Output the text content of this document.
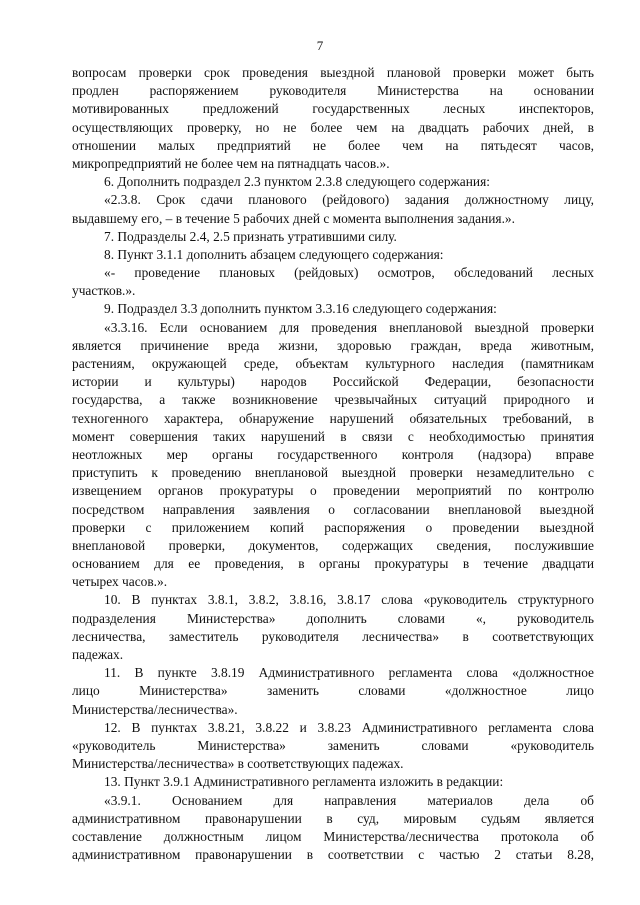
7
вопросам проверки срок проведения выездной плановой проверки может быть
продлен распоряжением руководителя Министерства на основании
мотивированных предложений государственных лесных инспекторов,
осуществляющих проверку, но не более чем на двадцать рабочих дней, в
отношении малых предприятий не более чем на пятьдесят часов,
микропредприятий не более чем на пятнадцать часов.».
6. Дополнить подраздел 2.3 пунктом 2.3.8 следующего содержания:
«2.3.8. Срок сдачи планового (рейдового) задания должностному лицу,
выдавшему его, – в течение 5 рабочих дней с момента выполнения задания.».
7. Подразделы 2.4, 2.5 признать утратившими силу.
8. Пункт 3.1.1 дополнить абзацем следующего содержания:
«- проведение плановых (рейдовых) осмотров, обследований лесных
участков.».
9. Подраздел 3.3 дополнить пунктом 3.3.16 следующего содержания:
«3.3.16. Если основанием для проведения внеплановой выездной проверки
является причинение вреда жизни, здоровью граждан, вреда животным,
растениям, окружающей среде, объектам культурного наследия (памятникам
истории и культуры) народов Российской Федерации, безопасности
государства, а также возникновение чрезвычайных ситуаций природного и
техногенного характера, обнаружение нарушений обязательных требований, в
момент совершения таких нарушений в связи с необходимостью принятия
неотложных мер органы государственного контроля (надзора) вправе
приступить к проведению внеплановой выездной проверки незамедлительно с
извещением органов прокуратуры о проведении мероприятий по контролю
посредством направления заявления о согласовании внеплановой выездной
проверки с приложением копий распоряжения о проведении выездной
внеплановой проверки, документов, содержащих сведения, послужившие
основанием для ее проведения, в органы прокуратуры в течение двадцати
четырех часов.».
10. В пунктах 3.8.1, 3.8.2, 3.8.16, 3.8.17 слова «руководитель структурного
подразделения Министерства» дополнить словами «, руководитель
лесничества, заместитель руководителя лесничества» в соответствующих
падежах.
11. В пункте 3.8.19 Административного регламента слова «должностное
лицо Министерства» заменить словами «должностное лицо
Министерства/лесничества».
12. В пунктах 3.8.21, 3.8.22 и 3.8.23 Административного регламента слова
«руководитель Министерства» заменить словами «руководитель
Министерства/лесничества» в соответствующих падежах.
13. Пункт 3.9.1 Административного регламента изложить в редакции:
«3.9.1. Основанием для направления материалов дела об
административном правонарушении в суд, мировым судьям является
составление должностным лицом Министерства/лесничества протокола об
административном правонарушении в соответствии с частью 2 статьи 8.28,
